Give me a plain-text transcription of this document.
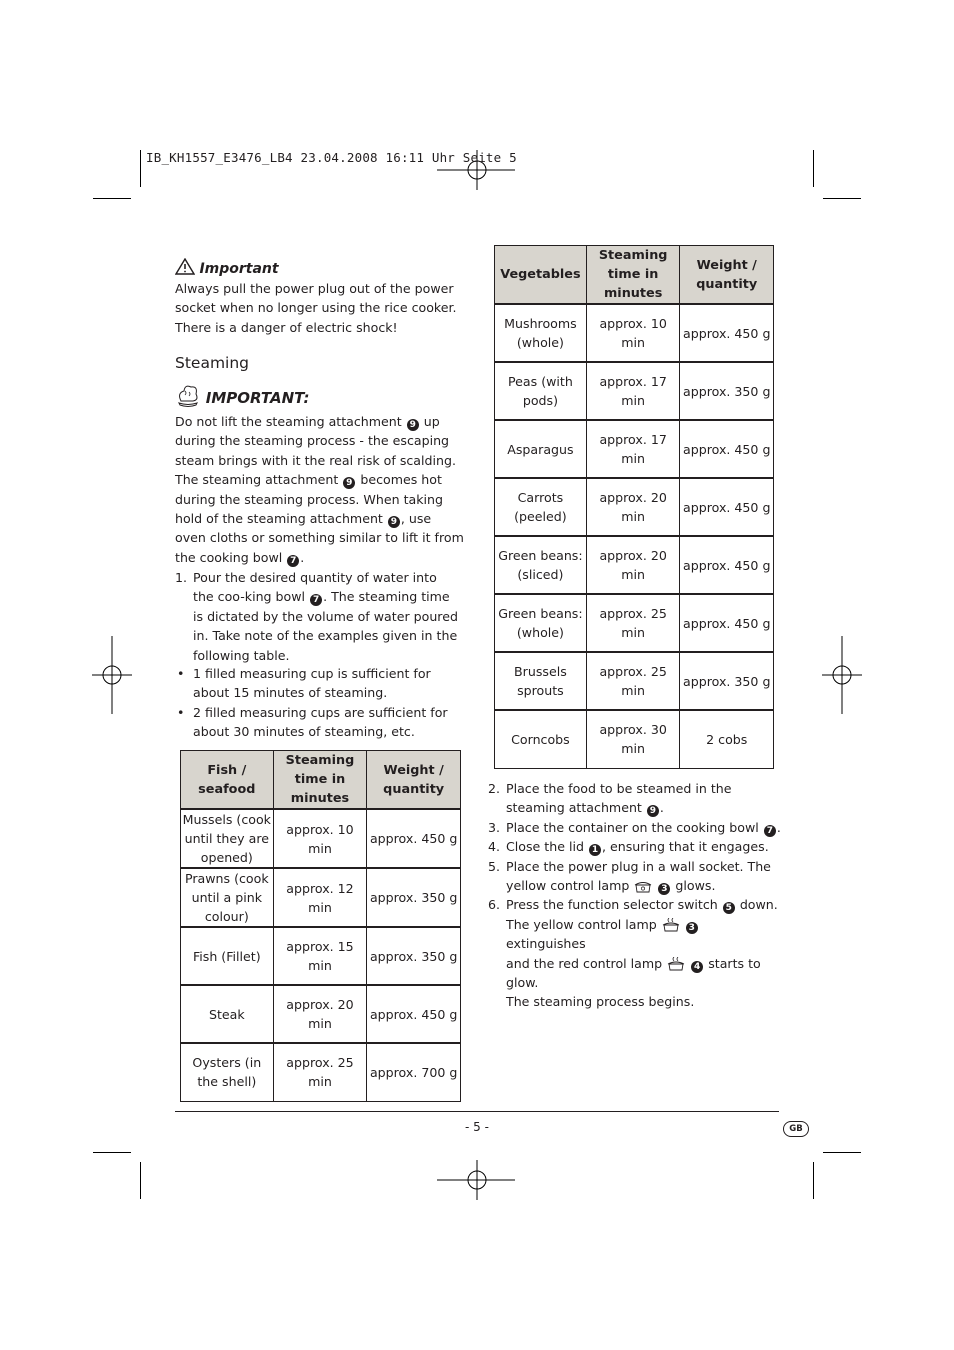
IB_KH1557_E3476_LB4 23.04.2008 16:11 Uhr Seite 5
Important
Always pull the power plug out of the power socket when no longer using the rice cooker. There is a danger of electric shock!
Steaming
IMPORTANT:
Do not lift the steaming attachment 9 up during the steaming process - the escaping steam brings with it the real risk of scalding. The steaming attachment 9 becomes hot during the steaming process. When taking hold of the steaming attachment 9 , use oven cloths or something similar to lift it from the cooking bowl 7 .
1. Pour the desired quantity of water into the coo-king bowl 7 . The steaming time is dictated by the volume of water poured in. Take note of the examples given in the following table.
• 1 filled measuring cup is sufficient for about 15 minutes of steaming.
• 2 filled measuring cups are sufficient for about 30 minutes of steaming, etc.
Fish / seafood	Steaming time in minutes	Weight / quantity
Mussels (cook until they are opened)	approx. 10 min	approx. 450 g
Prawns (cook until a pink colour)	approx. 12 min	approx. 350 g
Fish (Fillet)	approx. 15 min	approx. 350 g
Steak	approx. 20 min	approx. 450 g
Oysters (in the shell)	approx. 25 min	approx. 700 g
Vegetables	Steaming time in minutes	Weight / quantity
Mushrooms (whole)	approx. 10 min	approx. 450 g
Peas (with pods)	approx. 17 min	approx. 350 g
Asparagus	approx. 17 min	approx. 450 g
Carrots (peeled)	approx. 20 min	approx. 450 g
Green beans: (sliced)	approx. 20 min	approx. 450 g
Green beans: (whole)	approx. 25 min	approx. 450 g
Brussels sprouts	approx. 25 min	approx. 350 g
Corncobs	approx. 30 min	2 cobs
2. Place the food to be steamed in the steaming attachment 9 .
3. Place the container on the cooking bowl 7 .
4. Close the lid 1 , ensuring that it engages.
5. Place the power plug in a wall socket. The yellow control lamp	3 glows.
6. Press the function selector switch 5 down.
The yellow control lamp	3 extinguishes
and the red control lamp	4 starts to glow.
The steaming process begins.
- 5 -	GB
